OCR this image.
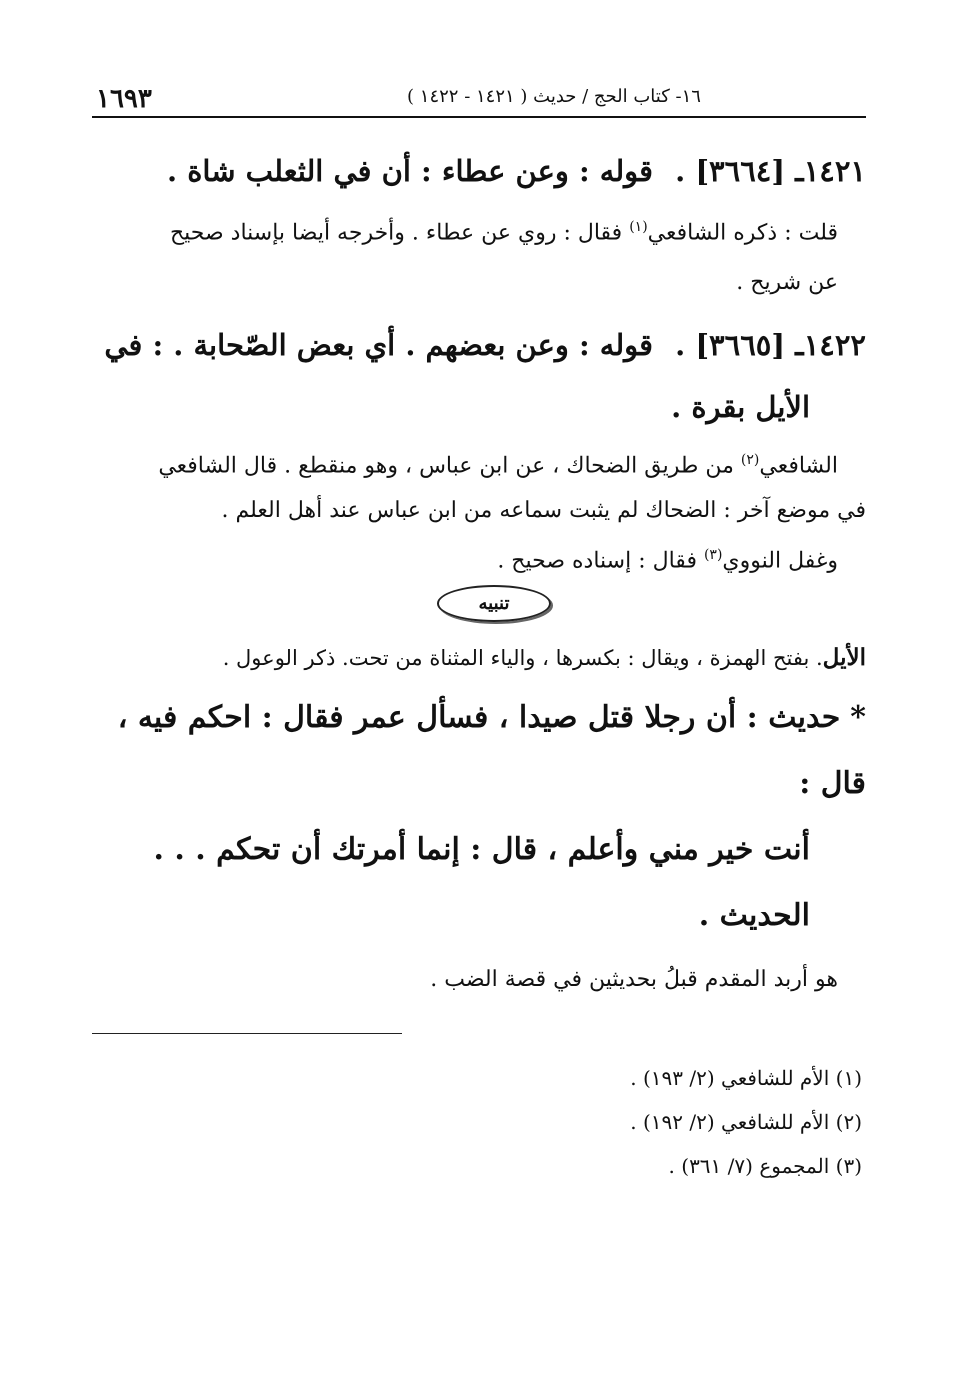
١٦٩٣	١٦- كتاب الحج / حديث ( ١٤٢١ - ١٤٢٢ )

١٤٢١ـ [٣٦٦٤] . قوله : وعن عطاء : أن في الثعلب شاة .

قلت : ذكره الشافعي$^{(١)}$ فقال : روي عن عطاء . وأخرجه أيضا بإسناد صحيح
عن شريح .

١٤٢٢ـ [٣٦٦٥] . قوله : وعن بعضهم . أي بعض الصّحابة . : في
الأيل بقرة .

الشافعي$^{(٢)}$ من طريق الضحاك ، عن ابن عباس ، وهو منقطع . قال الشافعي
في موضع آخر : الضحاك لم يثبت سماعه من ابن عباس عند أهل العلم .
وغفل النووي$^{(٣)}$ فقال : إسناده صحيح .

تنبيه

الأيل. بفتح الهمزة ، ويقال : بكسرها ، والياء المثناة من تحت. ذكر الوعول .

*حديث : أن رجلا قتل صيدا ، فسأل عمر فقال : احكم فيه ، قال :
أنت خير مني وأعلم ، قال : إنما أمرتك أن تحكم . . .
الحديث .

هو أربد المقدم قبلُ بحديثين في قصة الضب .

(١) الأم للشافعي (٢/ ١٩٣) .
(٢) الأم للشافعي (٢/ ١٩٢) .
(٣) المجموع (٧/ ٣٦١) .
